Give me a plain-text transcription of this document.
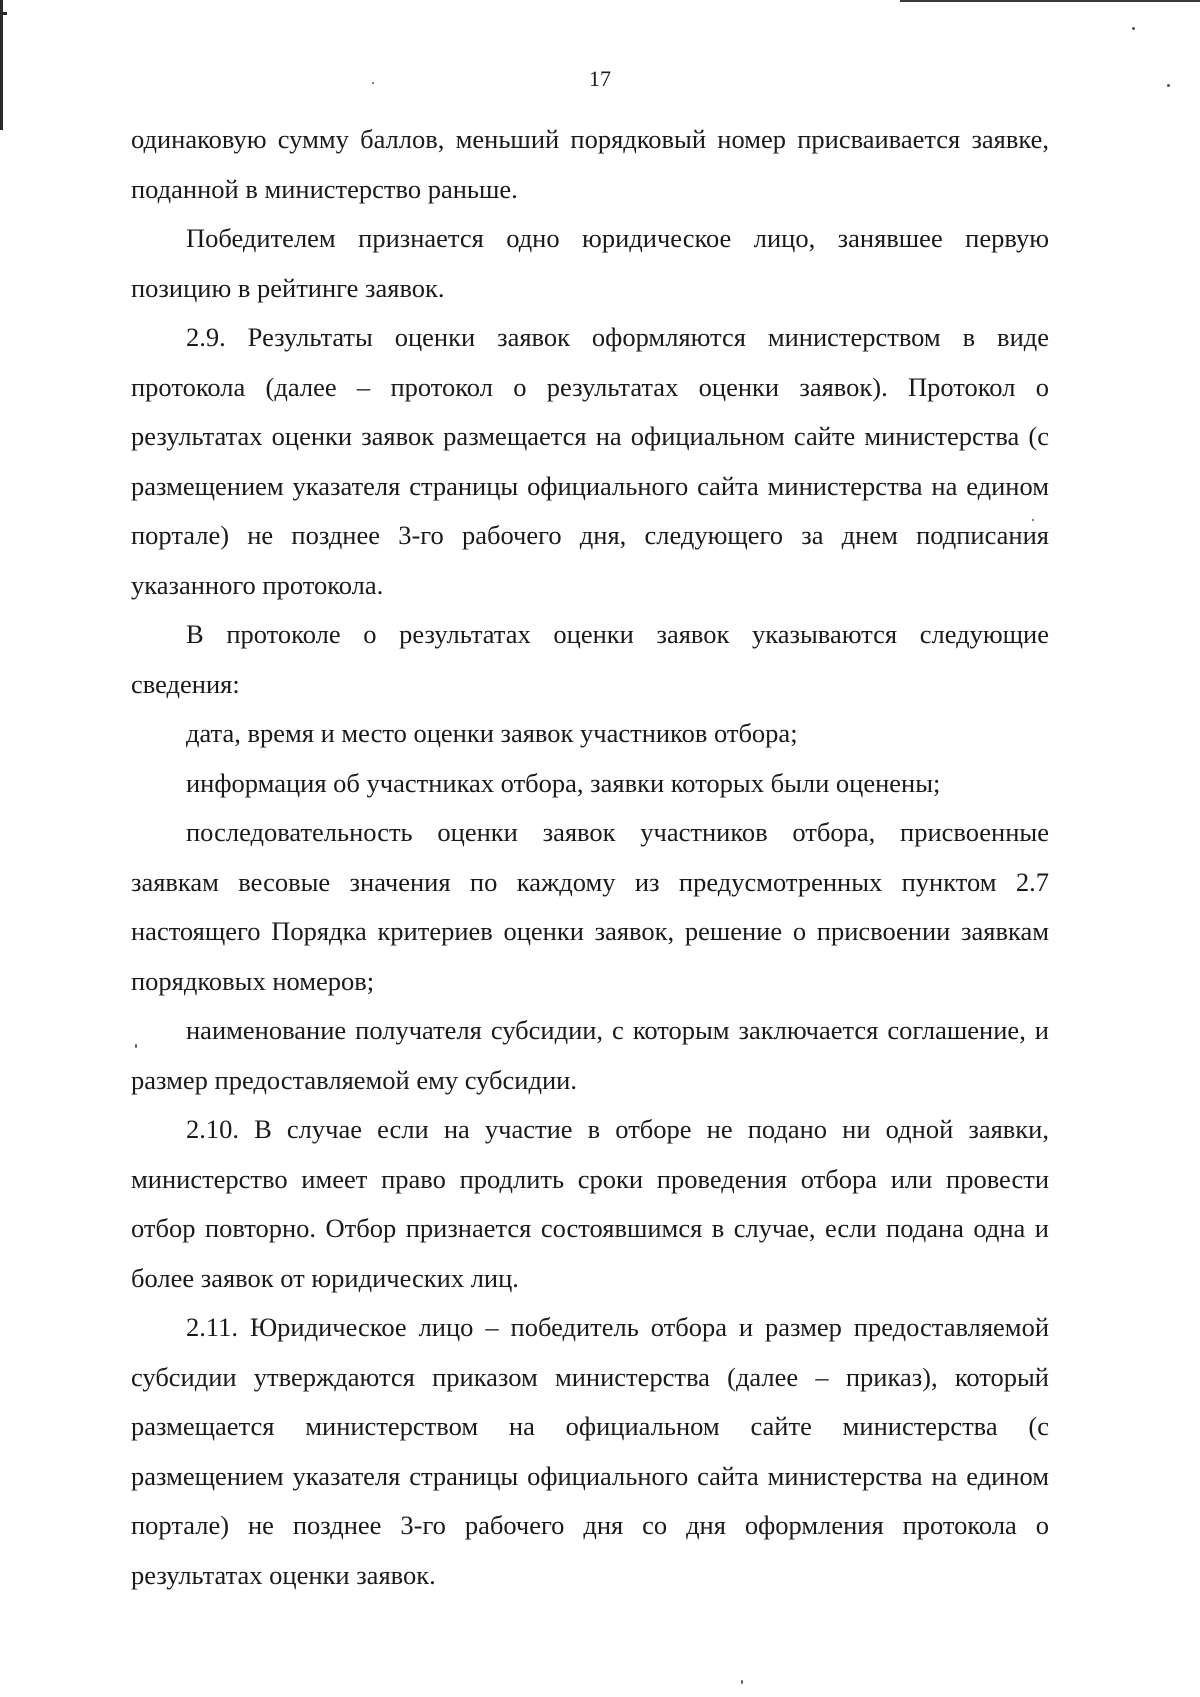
17

одинаковую сумму баллов, меньший порядковый номер присваивается заявке, поданной в министерство раньше.

Победителем признается одно юридическое лицо, занявшее первую позицию в рейтинге заявок.

2.9. Результаты оценки заявок оформляются министерством в виде протокола (далее – протокол о результатах оценки заявок). Протокол о результатах оценки заявок размещается на официальном сайте министерства (с размещением указателя страницы официального сайта министерства на едином портале) не позднее 3-го рабочего дня, следующего за днем подписания указанного протокола.

В протоколе о результатах оценки заявок указываются следующие сведения:

дата, время и место оценки заявок участников отбора;

информация об участниках отбора, заявки которых были оценены;

последовательность оценки заявок участников отбора, присвоенные заявкам весовые значения по каждому из предусмотренных пунктом 2.7 настоящего Порядка критериев оценки заявок, решение о присвоении заявкам порядковых номеров;

наименование получателя субсидии, с которым заключается соглашение, и размер предоставляемой ему субсидии.

2.10. В случае если на участие в отборе не подано ни одной заявки, министерство имеет право продлить сроки проведения отбора или провести отбор повторно. Отбор признается состоявшимся в случае, если подана одна и более заявок от юридических лиц.

2.11. Юридическое лицо – победитель отбора и размер предоставляемой субсидии утверждаются приказом министерства (далее – приказ), который размещается министерством на официальном сайте министерства (с размещением указателя страницы официального сайта министерства на едином портале) не позднее 3-го рабочего дня со дня оформления протокола о результатах оценки заявок.
